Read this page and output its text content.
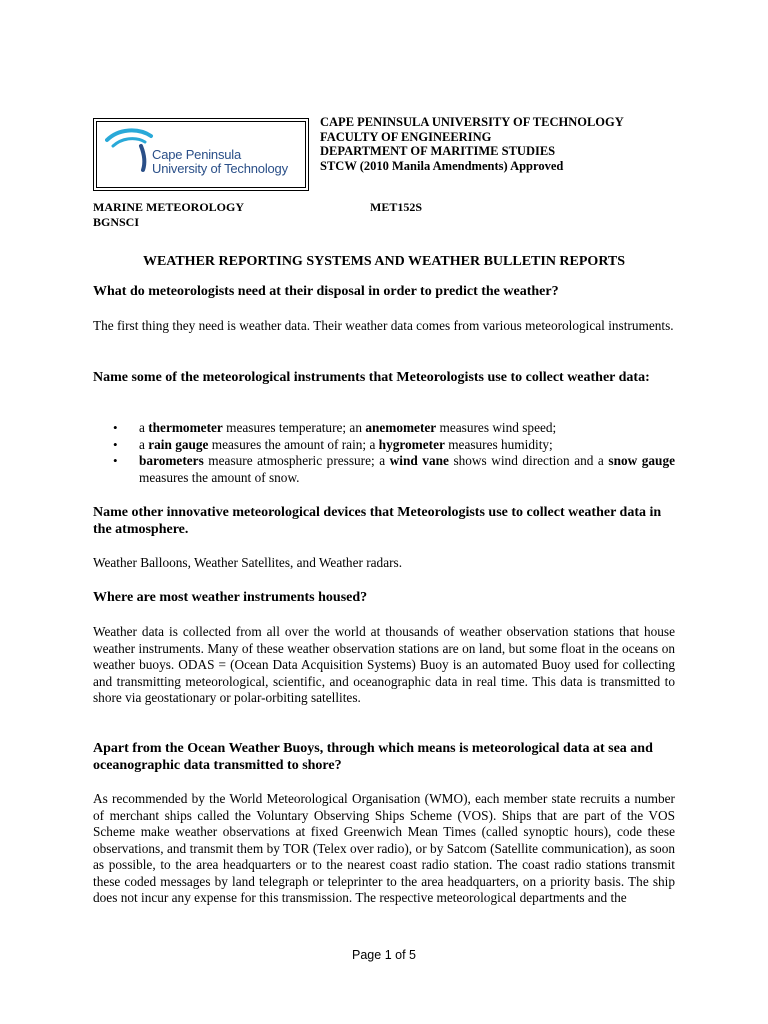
Cape Peninsula
University of Technology
CAPE PENINSULA UNIVERSITY OF TECHNOLOGY
FACULTY OF ENGINEERING
DEPARTMENT OF MARITIME STUDIES
STCW (2010 Manila Amendments) Approved
MARINE METEOROLOGY
BGNSCI
MET152S
WEATHER REPORTING SYSTEMS AND WEATHER BULLETIN REPORTS
What do meteorologists need at their disposal in order to predict the weather?
The first thing they need is weather data. Their weather data comes from various meteorological instruments.
Name some of the meteorological instruments that Meteorologists use to collect weather data:
• a thermometer measures temperature; an anemometer measures wind speed;
• a rain gauge measures the amount of rain; a hygrometer measures humidity;
• barometers measure atmospheric pressure; a wind vane shows wind direction and a snow gauge measures the amount of snow.
Name other innovative meteorological devices that Meteorologists use to collect weather data in the atmosphere.
Weather Balloons, Weather Satellites, and Weather radars.
Where are most weather instruments housed?
Weather data is collected from all over the world at thousands of weather observation stations that house weather instruments. Many of these weather observation stations are on land, but some float in the oceans on weather buoys. ODAS = (Ocean Data Acquisition Systems) Buoy is an automated Buoy used for collecting and transmitting meteorological, scientific, and oceanographic data in real time. This data is transmitted to shore via geostationary or polar-orbiting satellites.
Apart from the Ocean Weather Buoys, through which means is meteorological data at sea and oceanographic data transmitted to shore?
As recommended by the World Meteorological Organisation (WMO), each member state recruits a number of merchant ships called the Voluntary Observing Ships Scheme (VOS). Ships that are part of the VOS Scheme make weather observations at fixed Greenwich Mean Times (called synoptic hours), code these observations, and transmit them by TOR (Telex over radio), or by Satcom (Satellite communication), as soon as possible, to the area headquarters or to the nearest coast radio station. The coast radio stations transmit these coded messages by land telegraph or teleprinter to the area headquarters, on a priority basis. The ship does not incur any expense for this transmission. The respective meteorological departments and the
Page 1 of 5
